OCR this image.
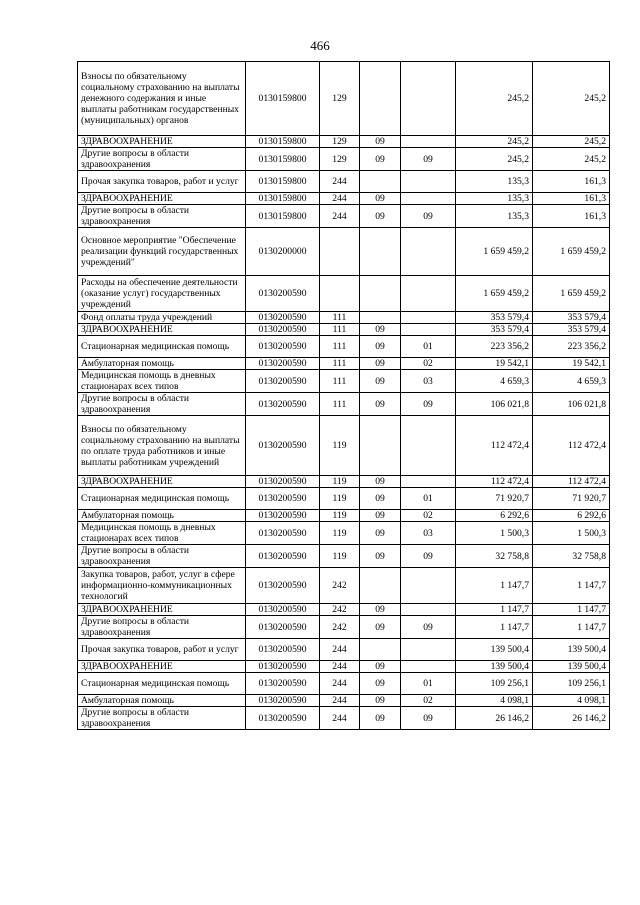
466
Взносы по обязательному социальному страхованию на выплаты денежного содержания и иные выплаты работникам государственных (муниципальных) органов	0130159800	129			245,2	245,2
ЗДРАВООХРАНЕНИЕ	0130159800	129	09		245,2	245,2
Другие вопросы в области здравоохранения	0130159800	129	09	09	245,2	245,2
Прочая закупка товаров, работ и услуг	0130159800	244			135,3	161,3
ЗДРАВООХРАНЕНИЕ	0130159800	244	09		135,3	161,3
Другие вопросы в области здравоохранения	0130159800	244	09	09	135,3	161,3
Основное мероприятие "Обеспечение реализации функций государственных учреждений"	0130200000				1 659 459,2	1 659 459,2
Расходы на обеспечение деятельности (оказание услуг) государственных учреждений	0130200590				1 659 459,2	1 659 459,2
Фонд оплаты труда учреждений	0130200590	111			353 579,4	353 579,4
ЗДРАВООХРАНЕНИЕ	0130200590	111	09		353 579,4	353 579,4
Стационарная медицинская помощь	0130200590	111	09	01	223 356,2	223 356,2
Амбулаторная помощь	0130200590	111	09	02	19 542,1	19 542,1
Медицинская помощь в дневных стационарах всех типов	0130200590	111	09	03	4 659,3	4 659,3
Другие вопросы в области здравоохранения	0130200590	111	09	09	106 021,8	106 021,8
Взносы по обязательному социальному страхованию на выплаты по оплате труда работников и иные выплаты работникам учреждений	0130200590	119			112 472,4	112 472,4
ЗДРАВООХРАНЕНИЕ	0130200590	119	09		112 472,4	112 472,4
Стационарная медицинская помощь	0130200590	119	09	01	71 920,7	71 920,7
Амбулаторная помощь	0130200590	119	09	02	6 292,6	6 292,6
Медицинская помощь в дневных стационарах всех типов	0130200590	119	09	03	1 500,3	1 500,3
Другие вопросы в области здравоохранения	0130200590	119	09	09	32 758,8	32 758,8
Закупка товаров, работ, услуг в сфере информационно-коммуникационных технологий	0130200590	242			1 147,7	1 147,7
ЗДРАВООХРАНЕНИЕ	0130200590	242	09		1 147,7	1 147,7
Другие вопросы в области здравоохранения	0130200590	242	09	09	1 147,7	1 147,7
Прочая закупка товаров, работ и услуг	0130200590	244			139 500,4	139 500,4
ЗДРАВООХРАНЕНИЕ	0130200590	244	09		139 500,4	139 500,4
Стационарная медицинская помощь	0130200590	244	09	01	109 256,1	109 256,1
Амбулаторная помощь	0130200590	244	09	02	4 098,1	4 098,1
Другие вопросы в области здравоохранения	0130200590	244	09	09	26 146,2	26 146,2
